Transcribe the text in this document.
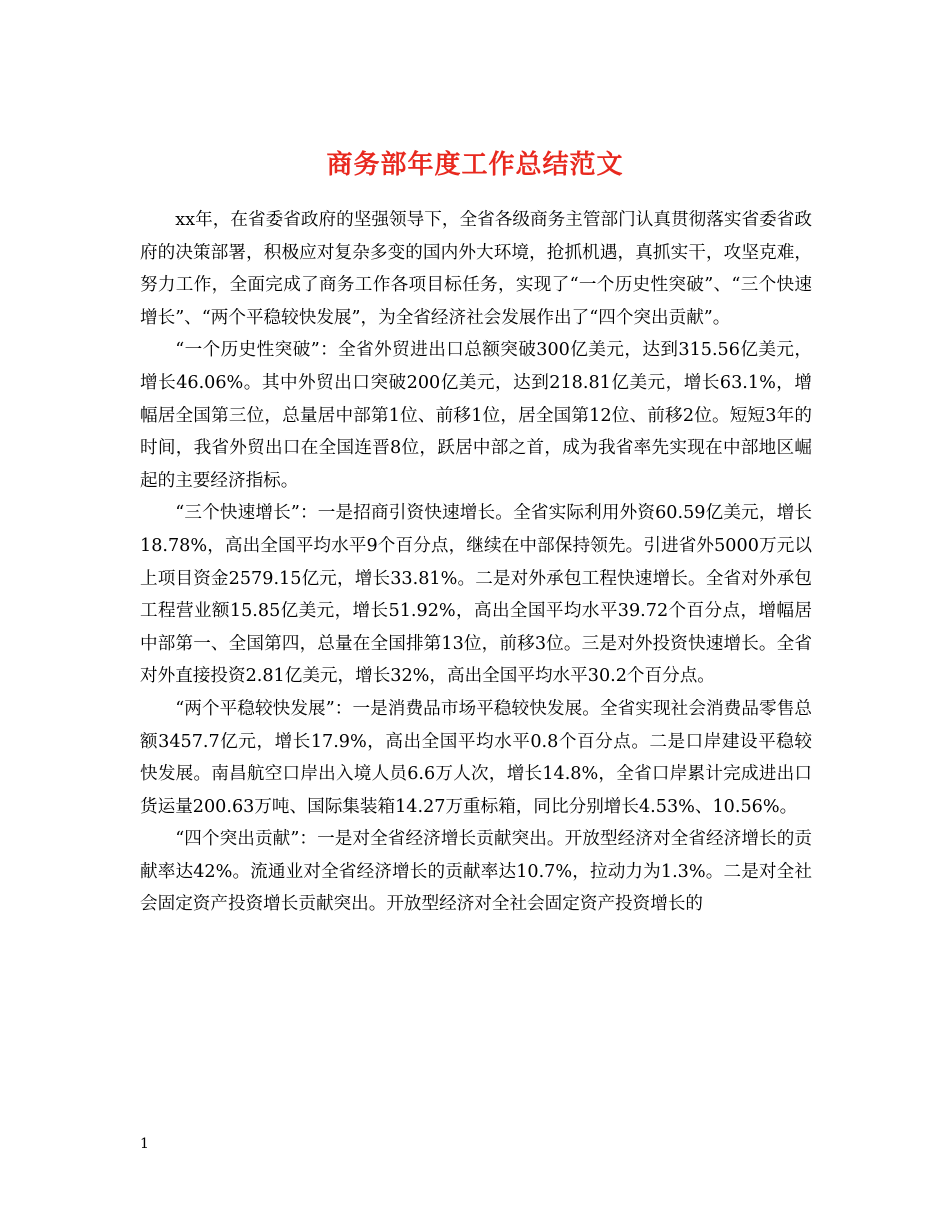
商务部年度工作总结范文

xx年，在省委省政府的坚强领导下，全省各级商务主管部门认真贯彻落实省委省政府的决策部署，积极应对复杂多变的国内外大环境，抢抓机遇，真抓实干，攻坚克难，努力工作，全面完成了商务工作各项目标任务，实现了“一个历史性突破”、“三个快速增长”、“两个平稳较快发展”，为全省经济社会发展作出了“四个突出贡献”。

“一个历史性突破”：全省外贸进出口总额突破300亿美元，达到315.56亿美元，增长46.06%。其中外贸出口突破200亿美元，达到218.81亿美元，增长63.1%，增幅居全国第三位，总量居中部第1位、前移1位，居全国第12位、前移2位。短短3年的时间，我省外贸出口在全国连晋8位，跃居中部之首，成为我省率先实现在中部地区崛起的主要经济指标。

“三个快速增长”：一是招商引资快速增长。全省实际利用外资60.59亿美元，增长18.78%，高出全国平均水平9个百分点，继续在中部保持领先。引进省外5000万元以上项目资金2579.15亿元，增长33.81%。二是对外承包工程快速增长。全省对外承包工程营业额15.85亿美元，增长51.92%，高出全国平均水平39.72个百分点，增幅居中部第一、全国第四，总量在全国排第13位，前移3位。三是对外投资快速增长。全省对外直接投资2.81亿美元，增长32%，高出全国平均水平30.2个百分点。

“两个平稳较快发展”：一是消费品市场平稳较快发展。全省实现社会消费品零售总额3457.7亿元，增长17.9%，高出全国平均水平0.8个百分点。二是口岸建设平稳较快发展。南昌航空口岸出入境人员6.6万人次，增长14.8%，全省口岸累计完成进出口货运量200.63万吨、国际集装箱14.27万重标箱，同比分别增长4.53%、10.56%。

“四个突出贡献”：一是对全省经济增长贡献突出。开放型经济对全省经济增长的贡献率达42%。流通业对全省经济增长的贡献率达10.7%，拉动力为1.3%。二是对全社会固定资产投资增长贡献突出。开放型经济对全社会固定资产投资增长的

1
